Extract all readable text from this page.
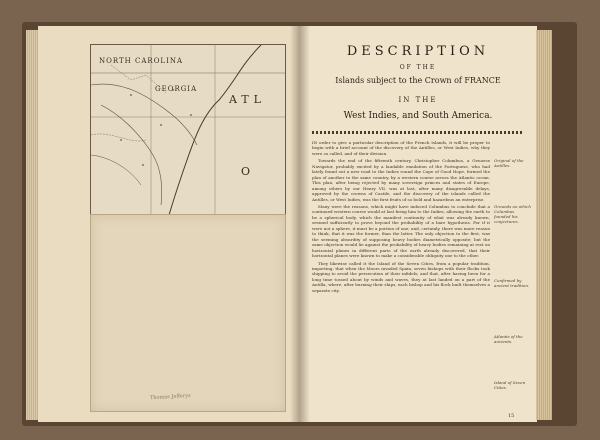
NORTH CAROLINA
GEORGIA
ATL
O
Thomas Jefferys
DESCRIPTION
OF THE
Islands subject to the Crown of FRANCE
IN THE
West Indies, and South America.

IN order to give a particular description of the French Islands, it will be proper to begin with a brief account of the discovery of the Antilles, or West Indies, why they were so called, and of their division.

Towards the end of the fifteenth century, Christopher Columbus, a Genoese Navigator, probably excited by a laudable emulation of the Portuguese, who had lately found out a new road to the Indies round the Cape of Good Hope, formed the plan of another to the same country, by a western course across the Atlantic ocean. This plan, after being rejected by many sovereign princes and states of Europe, among others by our Henry VII. was at last, after many disagreeable delays, approved by the crowns of Castile, and the discovery of the islands called the Antilles, or West Indies, was the first fruits of so bold and hazardous an enterprise.

Many were the reasons, which might have induced Columbus to conclude that a continued western course would at last bring him to the Indies, allowing the earth to be a spherical body, which the manifest continuity of what was already known, seemed sufficiently to prove beyond the probability of a bare hypothesis. For if it were not a sphere, it must be a portion of one; and, certainly, there was more reason to think, that it was the former, than the latter. The only objection to the first, was the seeming absurdity of supposing heavy bodies diametrically opposite; but the same objection would lie against the probability of heavy bodies remaining at rest on horizontal planes in different parts of the earth already discovered, that their horizontal planes were known to make a considerable obliquity one to the other.

They likewise called it the Island of the Seven Cities, from a popular tradition, importing, that when the Moors invaded Spain, seven bishops with their flocks took shipping to avoid the persecution of their infidels; and that, after having been for a long time tossed about by winds and waves, they at last landed on a part of the Antilla, where, after burning their ships, each bishop and his flock built themselves a separate city.

Original of the Antilles.
Grounds on which Columbus founded his conjectures.
Confirmed by ancient tradition.
Atlantis of the ancients.
Island of Seven Cities.
15
